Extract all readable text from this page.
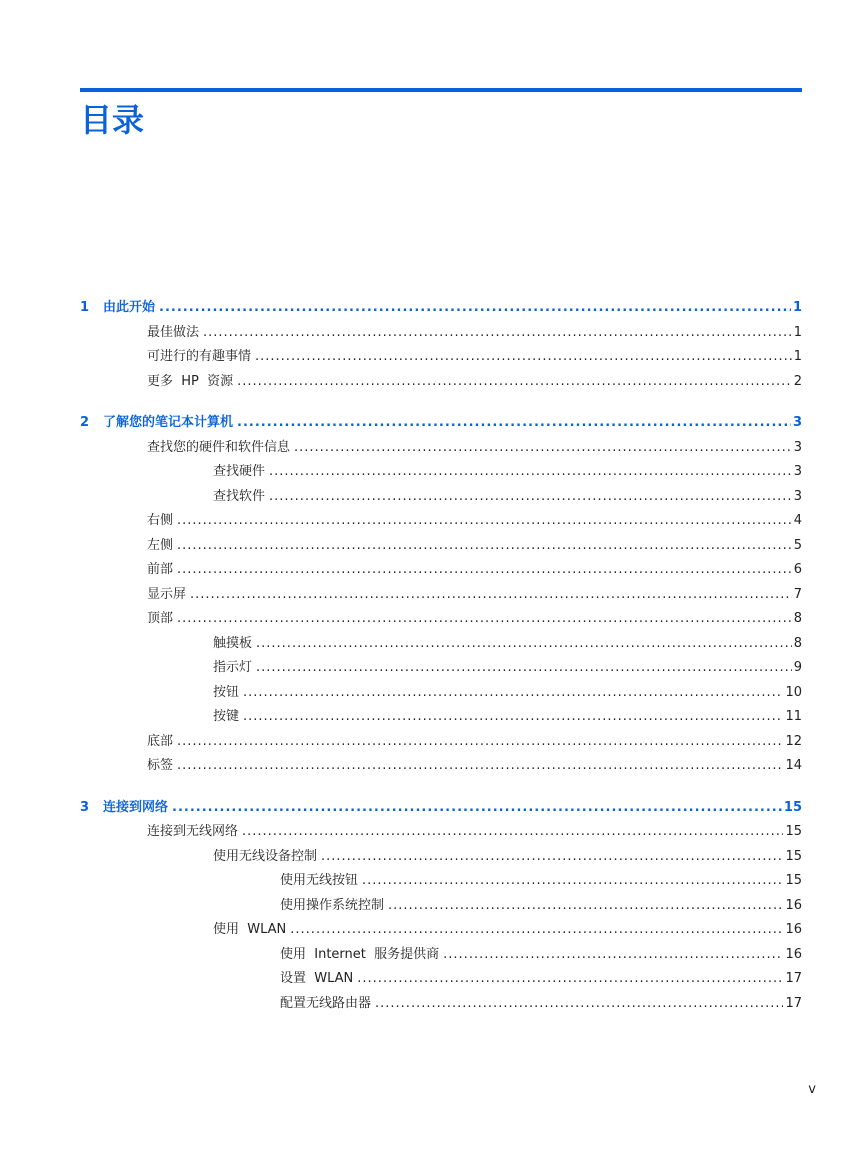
目录
1	由此开始 .....	1
最佳做法 .....	1
可进行的有趣事情 .....	1
更多  HP  资源 .....	2
2	了解您的笔记本计算机 .....	3
查找您的硬件和软件信息 .....	3
查找硬件 .....	3
查找软件 .....	3
右侧 .....	4
左侧 .....	5
前部 .....	6
显示屏 .....	7
顶部 .....	8
触摸板 .....	8
指示灯 .....	9
按钮 .....	10
按键 .....	11
底部 .....	12
标签 .....	14
3	连接到网络 .....	15
连接到无线网络 .....	15
使用无线设备控制 .....	15
使用无线按钮 .....	15
使用操作系统控制 .....	16
使用  WLAN .....	16
使用  Internet  服务提供商 .....	16
设置  WLAN .....	17
配置无线路由器 .....	17
v
